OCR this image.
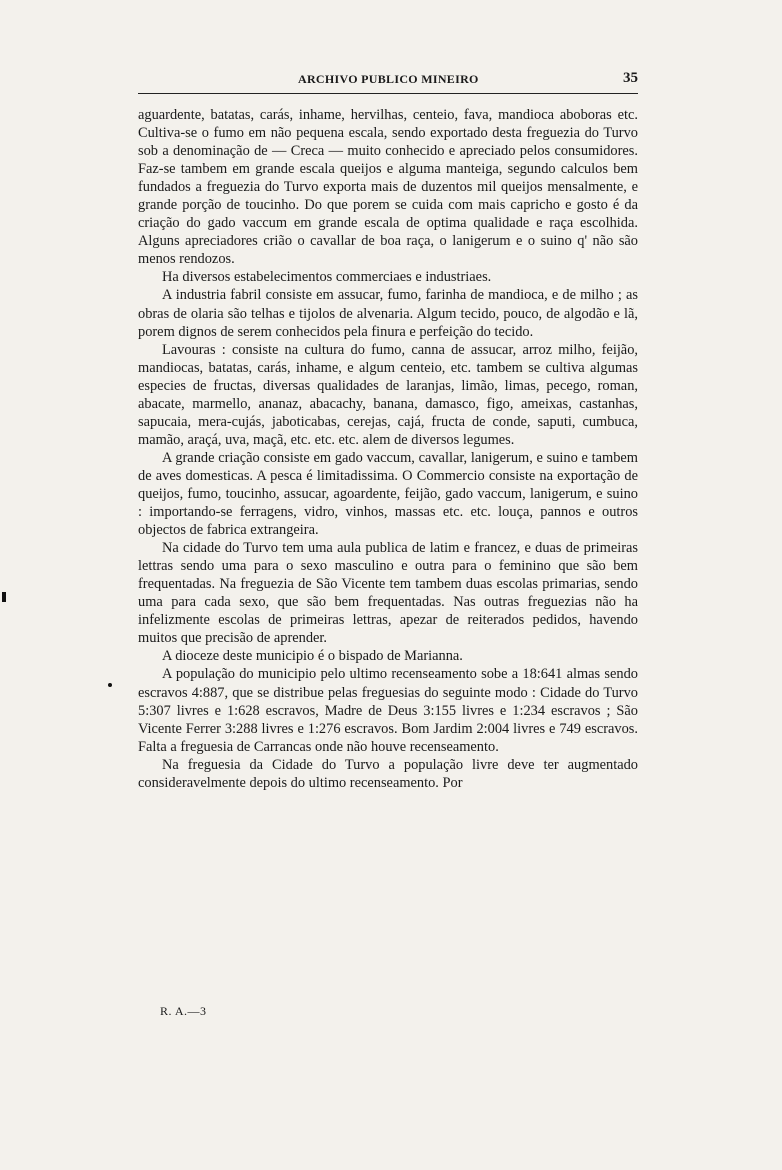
ARCHIVO PUBLICO MINEIRO	35

aguardente, batatas, carás, inhame, hervilhas, centeio, fava, mandioca aboboras etc. Cultiva-se o fumo em não pequena escala, sendo exportado desta freguezia do Turvo sob a denominação de — Creca — muito conhecido e apreciado pelos consumidores. Faz-se tambem em grande escala queijos e alguma manteiga, segundo calculos bem fundados a freguezia do Turvo exporta mais de duzentos mil queijos mensalmente, e grande porção de toucinho. Do que porem se cuida com mais capricho e gosto é da criação do gado vaccum em grande escala de optima qualidade e raça escolhida. Alguns apreciadores crião o cavallar de boa raça, o lanigerum e o suino q' não são menos rendozos.

Ha diversos estabelecimentos commerciaes e industriaes.

A industria fabril consiste em assucar, fumo, farinha de mandioca, e de milho ; as obras de olaria são telhas e tijolos de alvenaria. Algum tecido, pouco, de algodão e lã, porem dignos de serem conhecidos pela finura e perfeição do tecido.

Lavouras : consiste na cultura do fumo, canna de assucar, arroz milho, feijão, mandiocas, batatas, carás, inhame, e algum centeio, etc. tambem se cultiva algumas especies de fructas, diversas qualidades de laranjas, limão, limas, pecego, roman, abacate, marmello, ananaz, abacachy, banana, damasco, figo, ameixas, castanhas, sapucaia, mera-cujás, jaboticabas, cerejas, cajá, fructa de conde, saputi, cumbuca, mamão, araçá, uva, maçã, etc. etc. etc. alem de diversos legumes.

A grande criação consiste em gado vaccum, cavallar, lanigerum, e suino e tambem de aves domesticas. A pesca é limitadissima. O Commercio consiste na exportação de queijos, fumo, toucinho, assucar, agoardente, feijão, gado vaccum, lanigerum, e suino : importando-se ferragens, vidro, vinhos, massas etc. etc. louça, pannos e outros objectos de fabrica extrangeira.

Na cidade do Turvo tem uma aula publica de latim e francez, e duas de primeiras lettras sendo uma para o sexo masculino e outra para o feminino que são bem frequentadas. Na freguezia de São Vicente tem tambem duas escolas primarias, sendo uma para cada sexo, que são bem frequentadas. Nas outras freguezias não ha infelizmente escolas de primeiras lettras, apezar de reiterados pedidos, havendo muitos que precisão de aprender.

A dioceze deste municipio é o bispado de Marianna.

A população do municipio pelo ultimo recenseamento sobe a 18:641 almas sendo escravos 4:887, que se distribue pelas freguesias do seguinte modo : Cidade do Turvo 5:307 livres e 1:628 escravos, Madre de Deus 3:155 livres e 1:234 escravos ; São Vicente Ferrer 3:288 livres e 1:276 escravos. Bom Jardim 2:004 livres e 749 escravos. Falta a freguesia de Carrancas onde não houve recenseamento.

Na freguesia da Cidade do Turvo a população livre deve ter augmentado consideravelmente depois do ultimo recenseamento. Por

R. A.—3
